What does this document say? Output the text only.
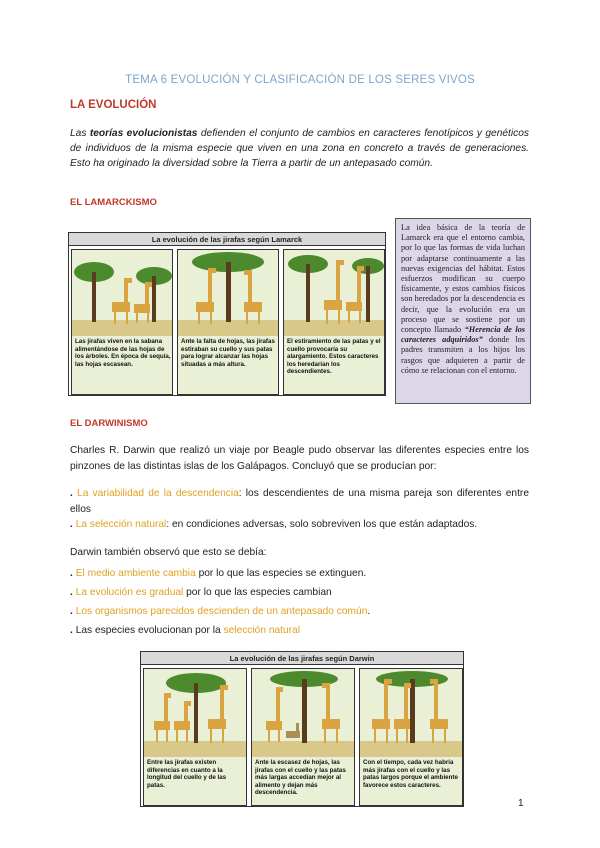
TEMA 6 EVOLUCIÓN Y CLASIFICACIÓN DE LOS SERES VIVOS
LA EVOLUCIÓN
Las teorías evolucionistas defienden el conjunto de cambios en caracteres fenotípicos y genéticos de individuos de la misma especie que viven en una zona en concreto a través de generaciones. Esto ha originado la diversidad sobre la Tierra a partir de un antepasado común.
EL LAMARCKISMO
La evolución de las jirafas según Lamarck
Las jirafas viven en la sabana alimentándose de las hojas de los árboles. En época de sequía, las hojas escasean.
Ante la falta de hojas, las jirafas estiraban su cuello y sus patas para lograr alcanzar las hojas situadas a más altura.
El estiramiento de las patas y el cuello provocaría su alargamiento. Estos caracteres los heredarían los descendientes.
La idea básica de la teoría de Lamarck era que el entorno cambia, por lo que las formas de vida luchan por adaptarse continuamente a las nuevas exigencias del hábitat. Estos esfuerzos modifican su cuerpo físicamente, y estos cambios físicos son heredados por la descendencia es decir, que la evolución era un proceso que se sostiene por un concepto llamado “Herencia de los caracteres adquiridos” donde los padres transmiten a los hijos los rasgos que adquieren a partir de cómo se relacionan con el entorno.
EL DARWINISMO
Charles R. Darwin que realizó un viaje por Beagle pudo observar las diferentes especies entre los pinzones de las distintas islas de los Galápagos. Concluyó que se producían por:
. La variabilidad de la descendencia: los descendientes de una misma pareja son diferentes entre ellos
. La selección natural: en condiciones adversas, solo sobreviven los que están adaptados.
Darwin también observó que esto se debía:
. El medio ambiente cambia por lo que las especies se extinguen.
. La evolución es gradual por lo que las especies cambian
. Los organismos parecidos descienden de un antepasado común.
. Las especies evolucionan por la selección natural
La evolución de las jirafas según Darwin
Entre las jirafas existen diferencias en cuanto a la longitud del cuello y de las patas.
Ante la escasez de hojas, las jirafas con el cuello y las patas más largas accedían mejor al alimento y dejan más descendencia.
Con el tiempo, cada vez habría más jirafas con el cuello y las patas largos porque el ambiente favorece estos caracteres.
1
